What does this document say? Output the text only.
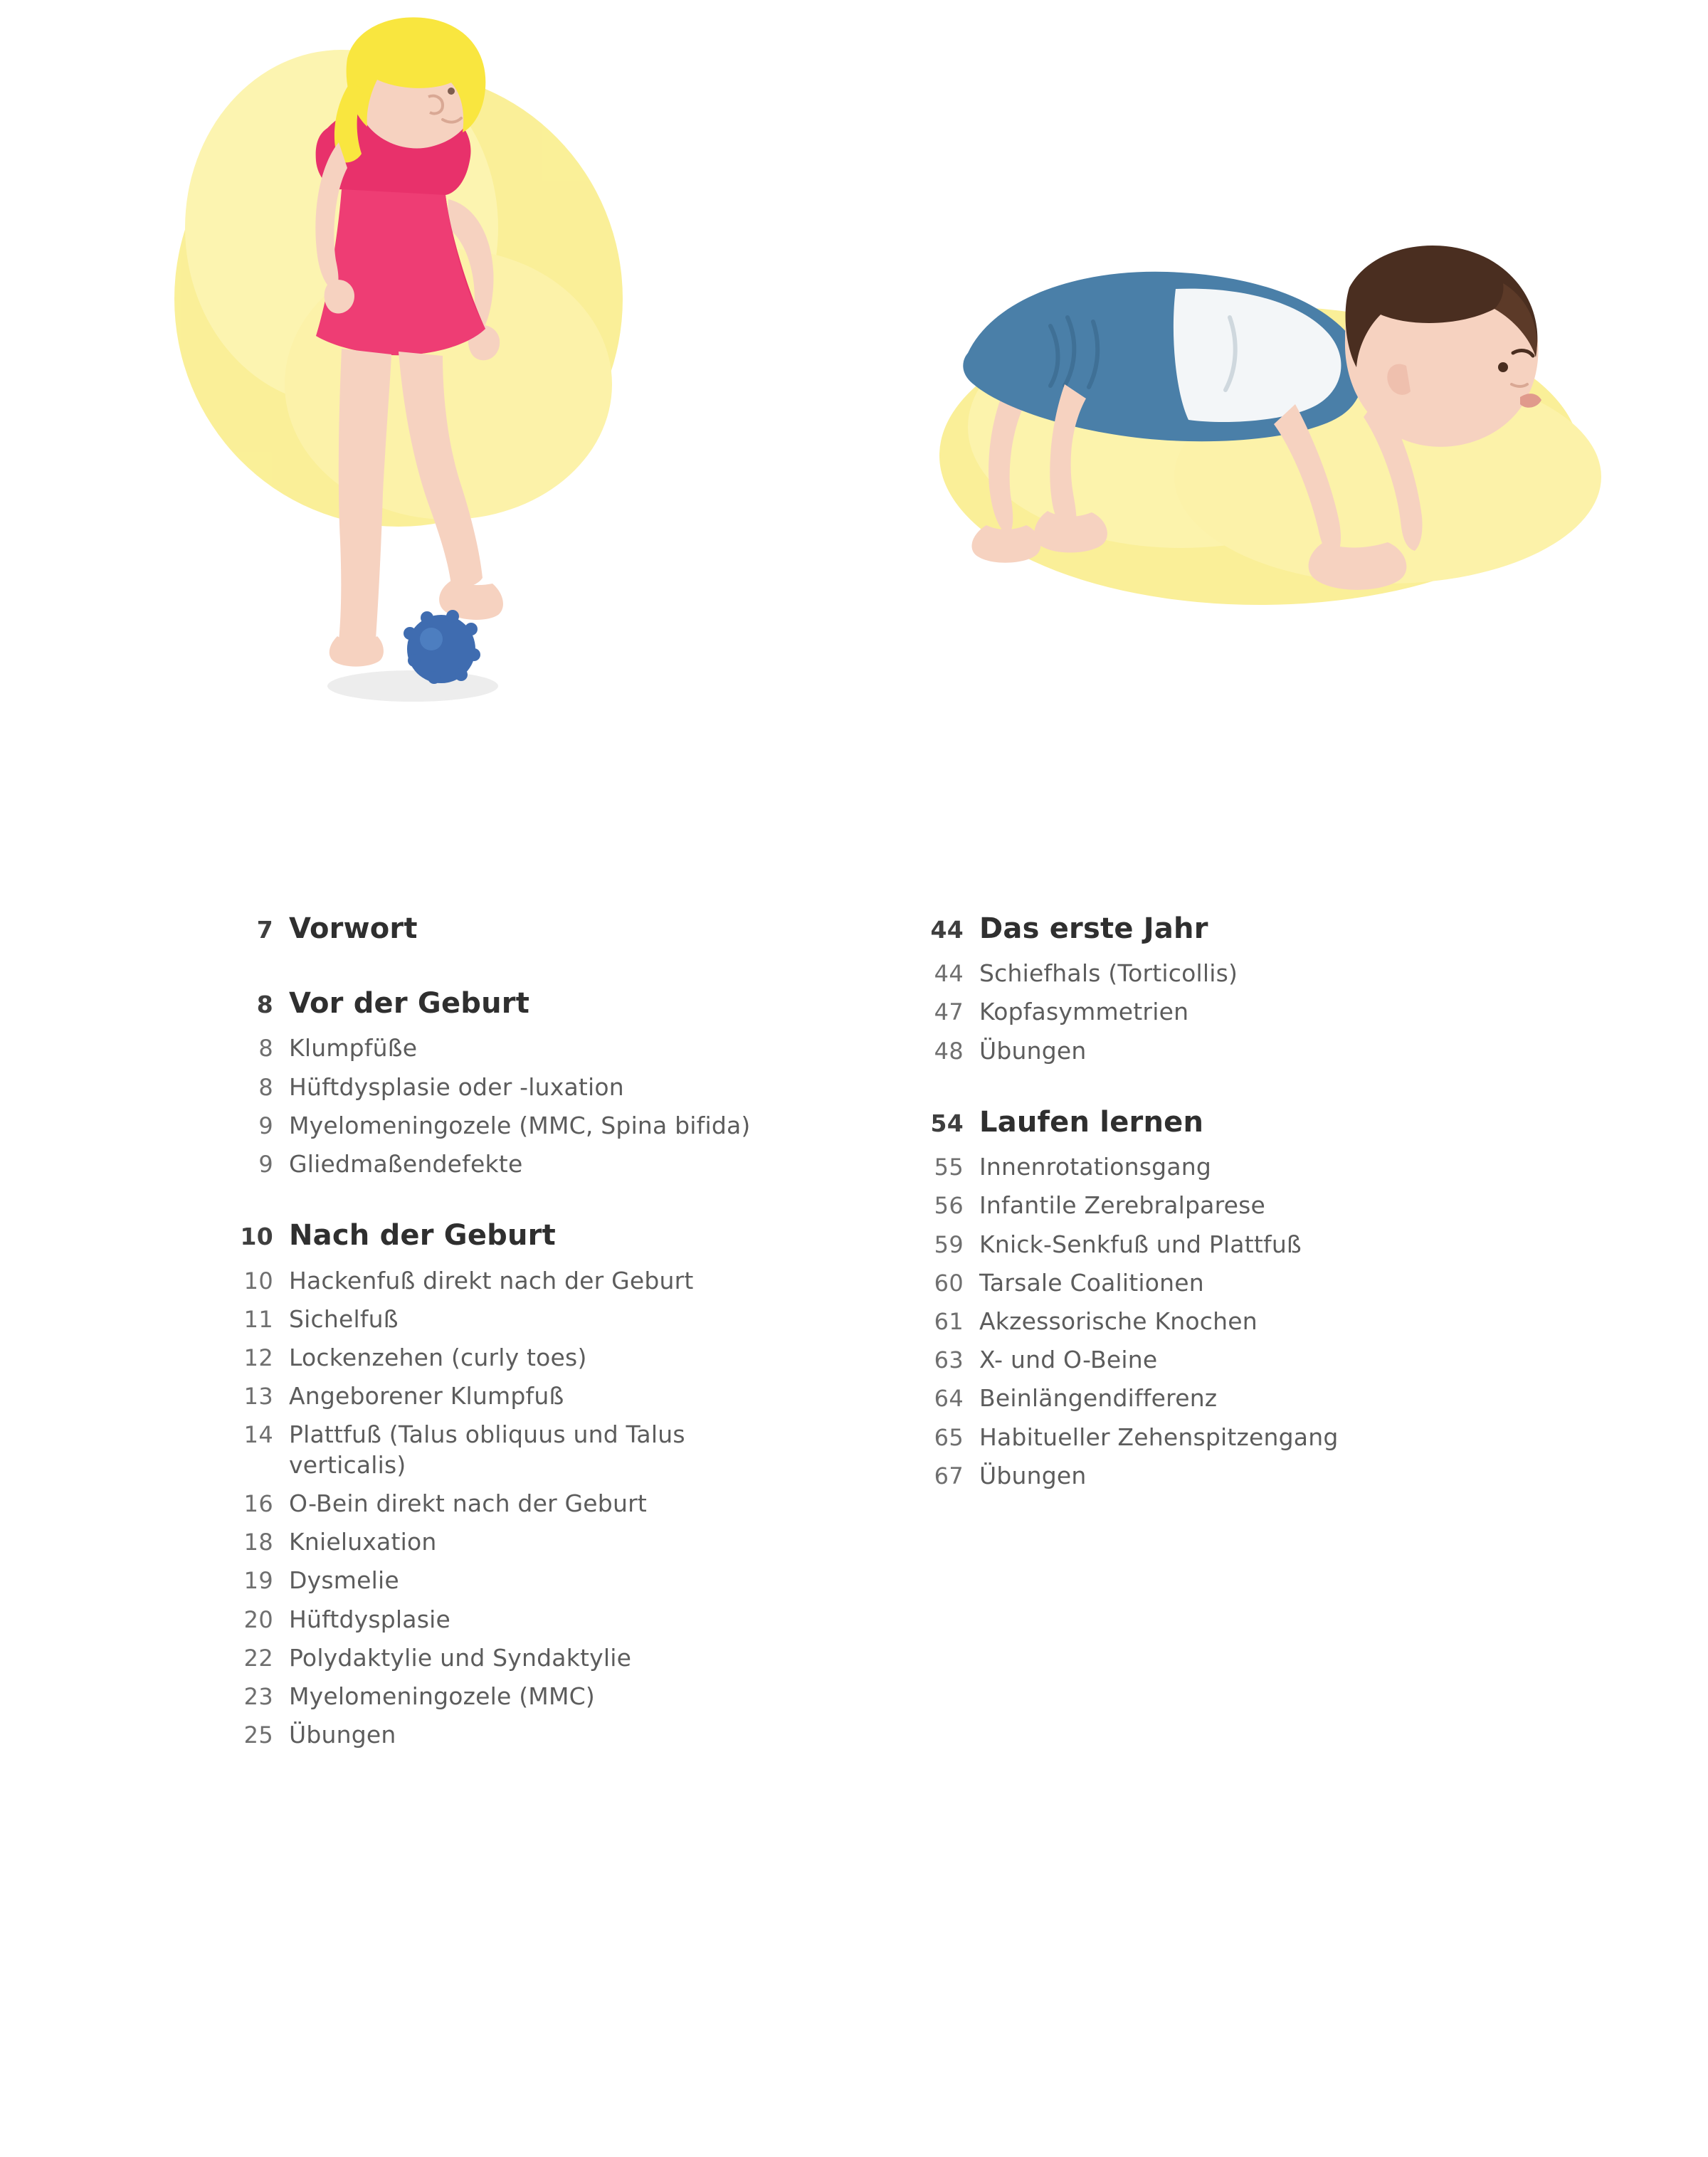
7 Vorwort
8 Vor der Geburt
8 Klumpfüße
8 Hüftdysplasie oder -luxation
9 Myelomeningozele (MMC, Spina bifida)
9 Gliedmaßendefekte
10 Nach der Geburt
10 Hackenfuß direkt nach der Geburt
11 Sichelfuß
12 Lockenzehen (curly toes)
13 Angeborener Klumpfuß
14 Plattfuß (Talus obliquus und Talus verticalis)
16 O-Bein direkt nach der Geburt
18 Knieluxation
19 Dysmelie
20 Hüftdysplasie
22 Polydaktylie und Syndaktylie
23 Myelomeningozele (MMC)
25 Übungen
44 Das erste Jahr
44 Schiefhals (Torticollis)
47 Kopfasymmetrien
48 Übungen
54 Laufen lernen
55 Innenrotationsgang
56 Infantile Zerebralparese
59 Knick-Senkfuß und Plattfuß
60 Tarsale Coalitionen
61 Akzessorische Knochen
63 X- und O-Beine
64 Beinlängendifferenz
65 Habitueller Zehenspitzengang
67 Übungen
